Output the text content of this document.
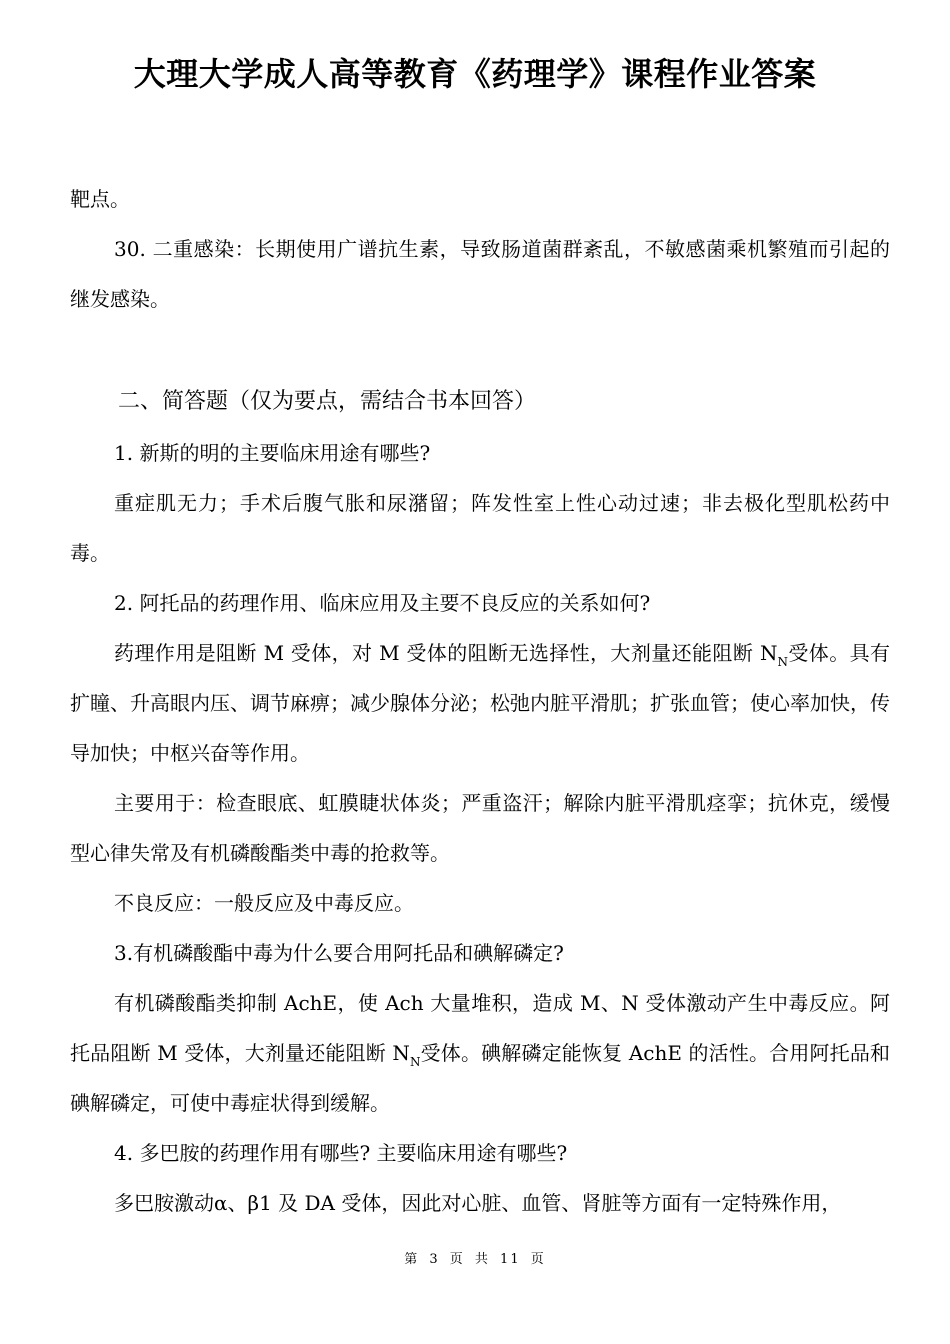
大理大学成人高等教育《药理学》课程作业答案

靶点。

30. 二重感染：长期使用广谱抗生素，导致肠道菌群紊乱，不敏感菌乘机繁殖而引起的继发感染。

二、简答题（仅为要点，需结合书本回答）

1. 新斯的明的主要临床用途有哪些?

重症肌无力；手术后腹气胀和尿潴留；阵发性室上性心动过速；非去极化型肌松药中毒。

2. 阿托品的药理作用、临床应用及主要不良反应的关系如何?

药理作用是阻断 M 受体，对 M 受体的阻断无选择性，大剂量还能阻断 $N_N$受体。具有扩瞳、升高眼内压、调节麻痹；减少腺体分泌；松弛内脏平滑肌；扩张血管；使心率加快，传导加快；中枢兴奋等作用。

主要用于：检查眼底、虹膜睫状体炎；严重盗汗；解除内脏平滑肌痉挛；抗休克，缓慢型心律失常及有机磷酸酯类中毒的抢救等。

不良反应：一般反应及中毒反应。

3.有机磷酸酯中毒为什么要合用阿托品和碘解磷定?

有机磷酸酯类抑制 AchE，使 Ach 大量堆积，造成 M、N 受体激动产生中毒反应。阿托品阻断 M 受体，大剂量还能阻断 $N_N$受体。碘解磷定能恢复 AchE 的活性。合用阿托品和碘解磷定，可使中毒症状得到缓解。

4. 多巴胺的药理作用有哪些? 主要临床用途有哪些?

多巴胺激动α、β1 及 DA 受体，因此对心脏、血管、肾脏等方面有一定特殊作用，

第 3 页 共 11 页
